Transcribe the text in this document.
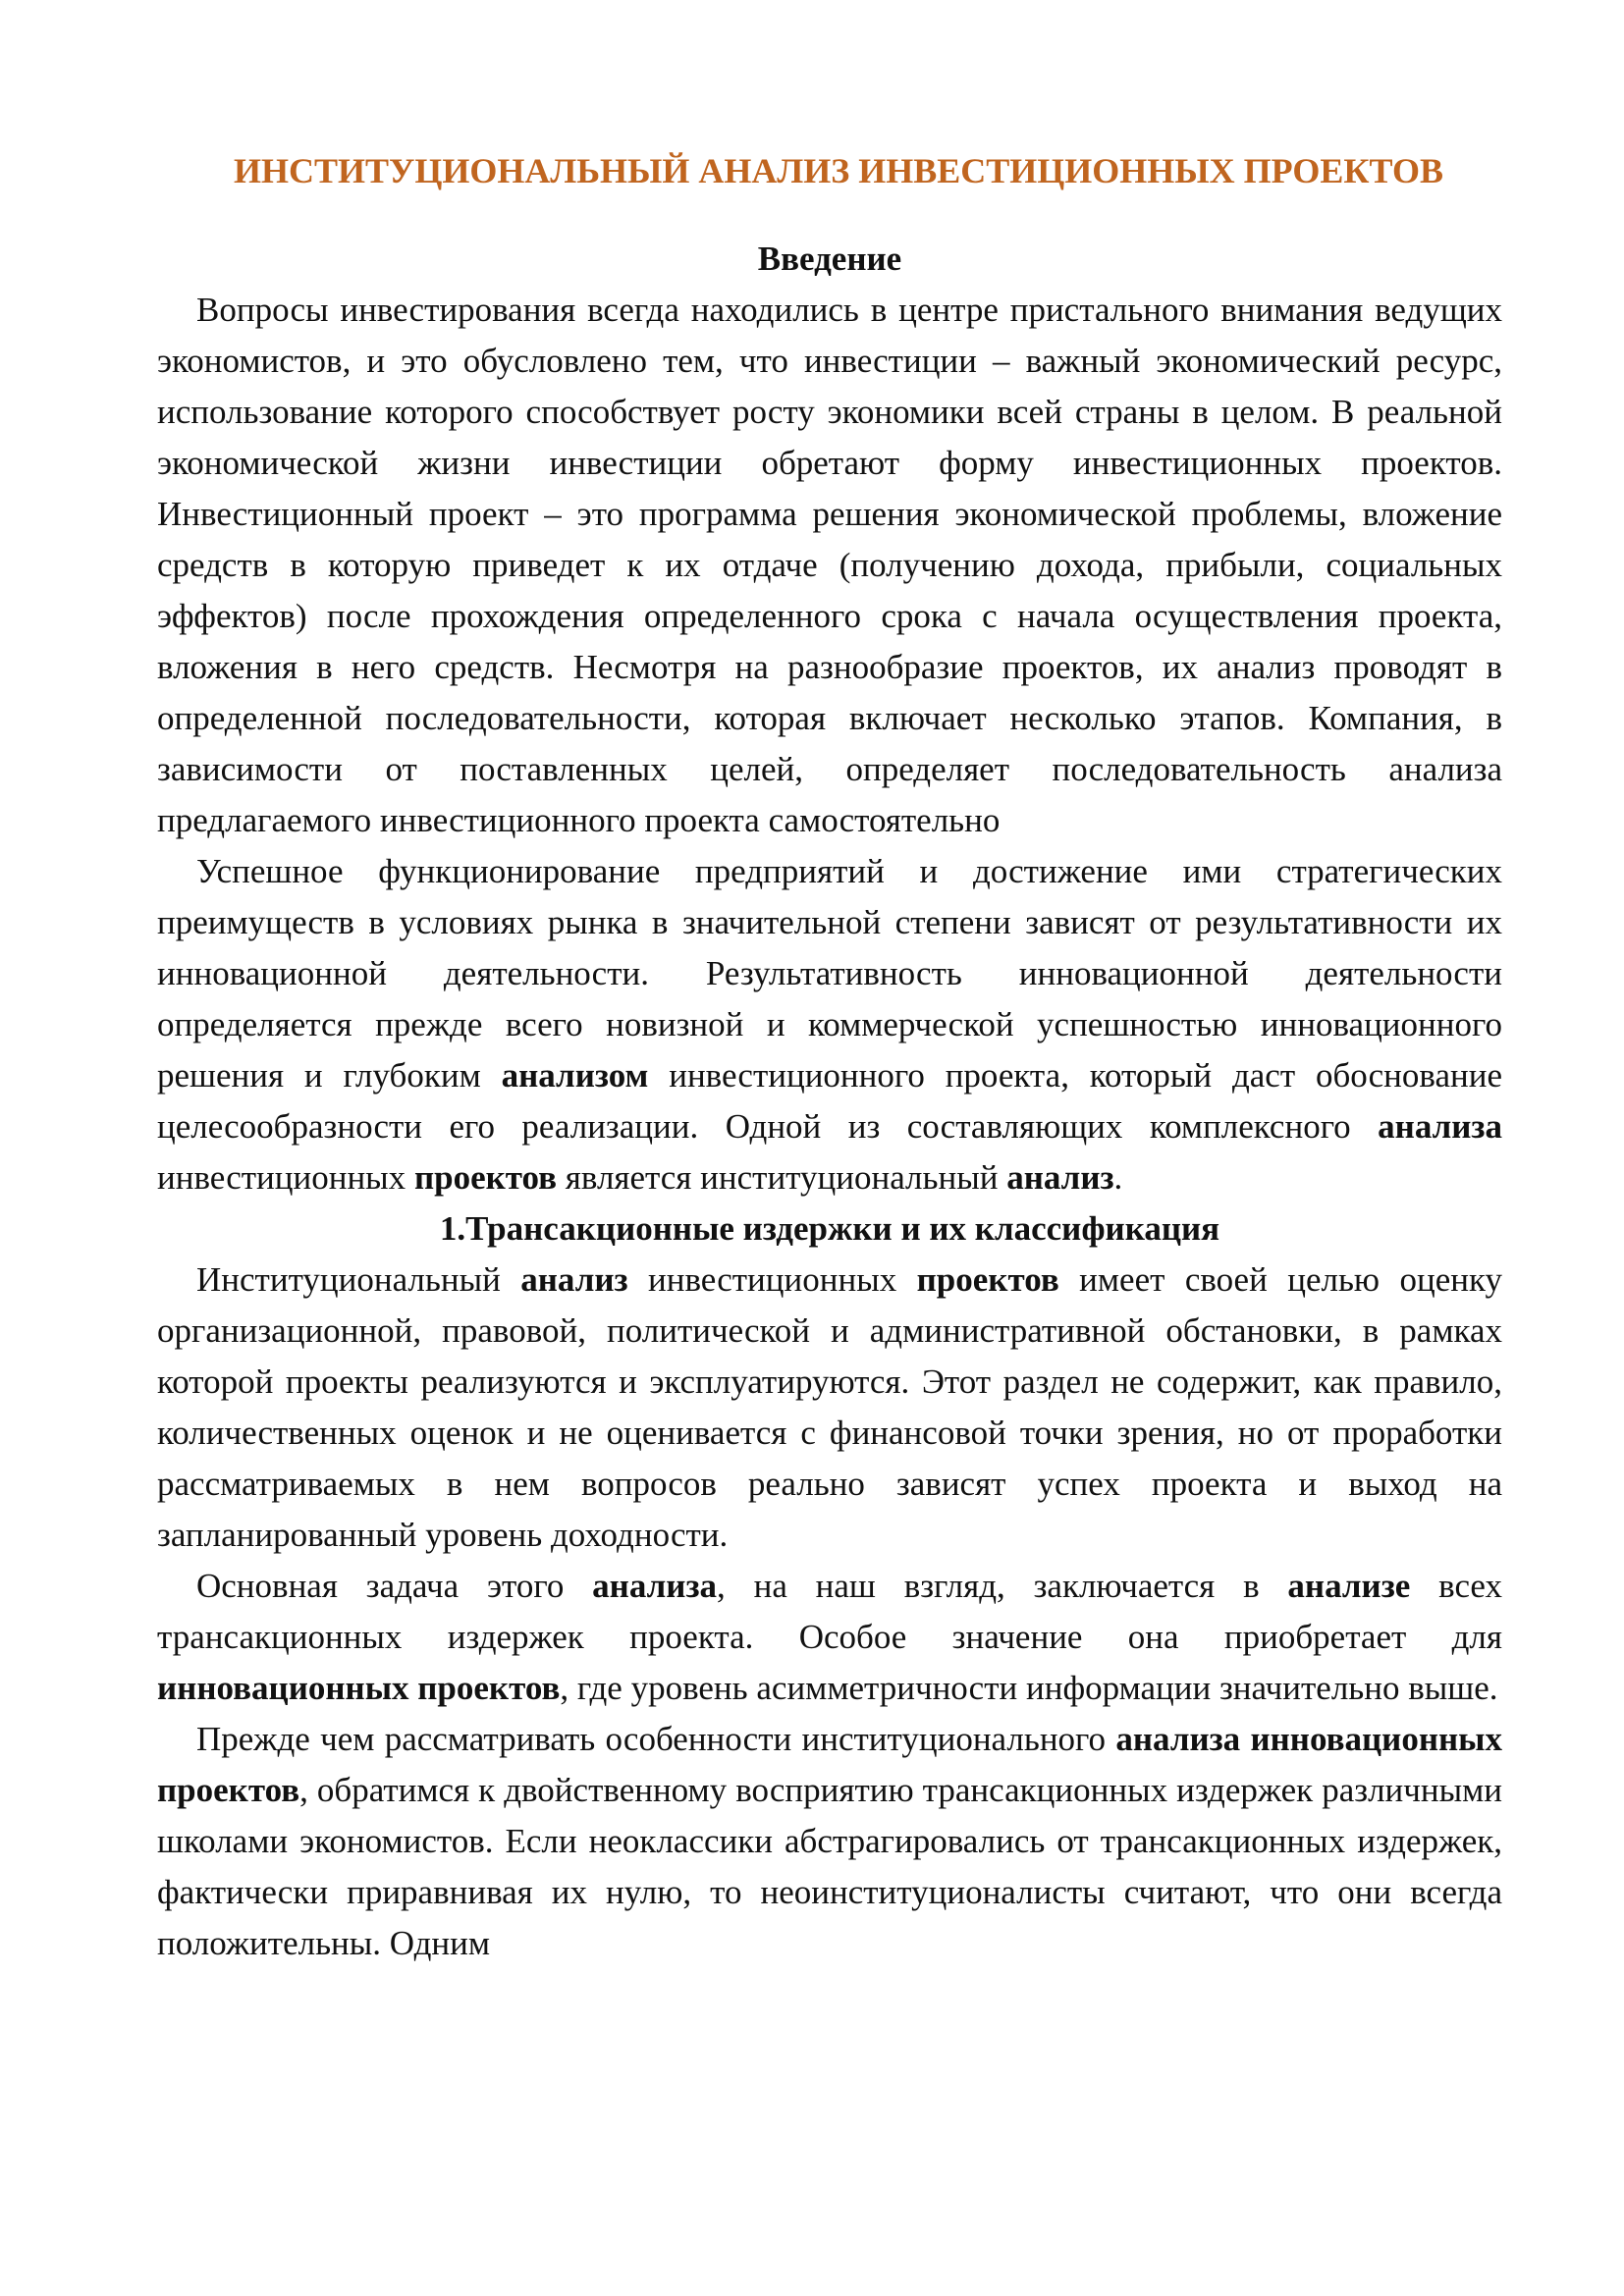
ИНСТИТУЦИОНАЛЬНЫЙ АНАЛИЗ ИНВЕСТИЦИОННЫХ ПРОЕКТОВ
Введение

Вопросы инвестирования всегда находились в центре пристального внимания ведущих экономистов, и это обусловлено тем, что инвестиции – важный экономический ресурс, использование которого способствует росту экономики всей страны в целом. В реальной экономической жизни инвестиции обретают форму инвестиционных проектов. Инвестиционный проект – это программа решения экономической проблемы, вложение средств в которую приведет к их отдаче (получению дохода, прибыли, социальных эффектов) после прохождения определенного срока с начала осуществления проекта, вложения в него средств. Несмотря на разнообразие проектов, их анализ проводят в определенной последовательности, которая включает несколько этапов. Компания, в зависимости от поставленных целей, определяет последовательность анализа предлагаемого инвестиционного проекта самостоятельно

Успешное функционирование предприятий и достижение ими стратегических преимуществ в условиях рынка в значительной степени зависят от результативности их инновационной деятельности. Результативность инновационной деятельности определяется прежде всего новизной и коммерческой успешностью инновационного решения и глубоким анализом инвестиционного проекта, который даст обоснование целесообразности его реализации. Одной из составляющих комплексного анализа инвестиционных проектов является институциональный анализ.

1.Трансакционные издержки и их классификация

Институциональный анализ инвестиционных проектов имеет своей целью оценку организационной, правовой, политической и административной обстановки, в рамках которой проекты реализуются и эксплуатируются. Этот раздел не содержит, как правило, количественных оценок и не оценивается с финансовой точки зрения, но от проработки рассматриваемых в нем вопросов реально зависят успех проекта и выход на запланированный уровень доходности.

Основная задача этого анализа, на наш взгляд, заключается в анализе всех трансакционных издержек проекта. Особое значение она приобретает для инновационных проектов, где уровень асимметричности информации значительно выше.

Прежде чем рассматривать особенности институционального анализа инновационных проектов, обратимся к двойственному восприятию трансакционных издержек различными школами экономистов. Если неоклассики абстрагировались от трансакционных издержек, фактически приравнивая их нулю, то неоинституционалисты считают, что они всегда положительны. Одним
